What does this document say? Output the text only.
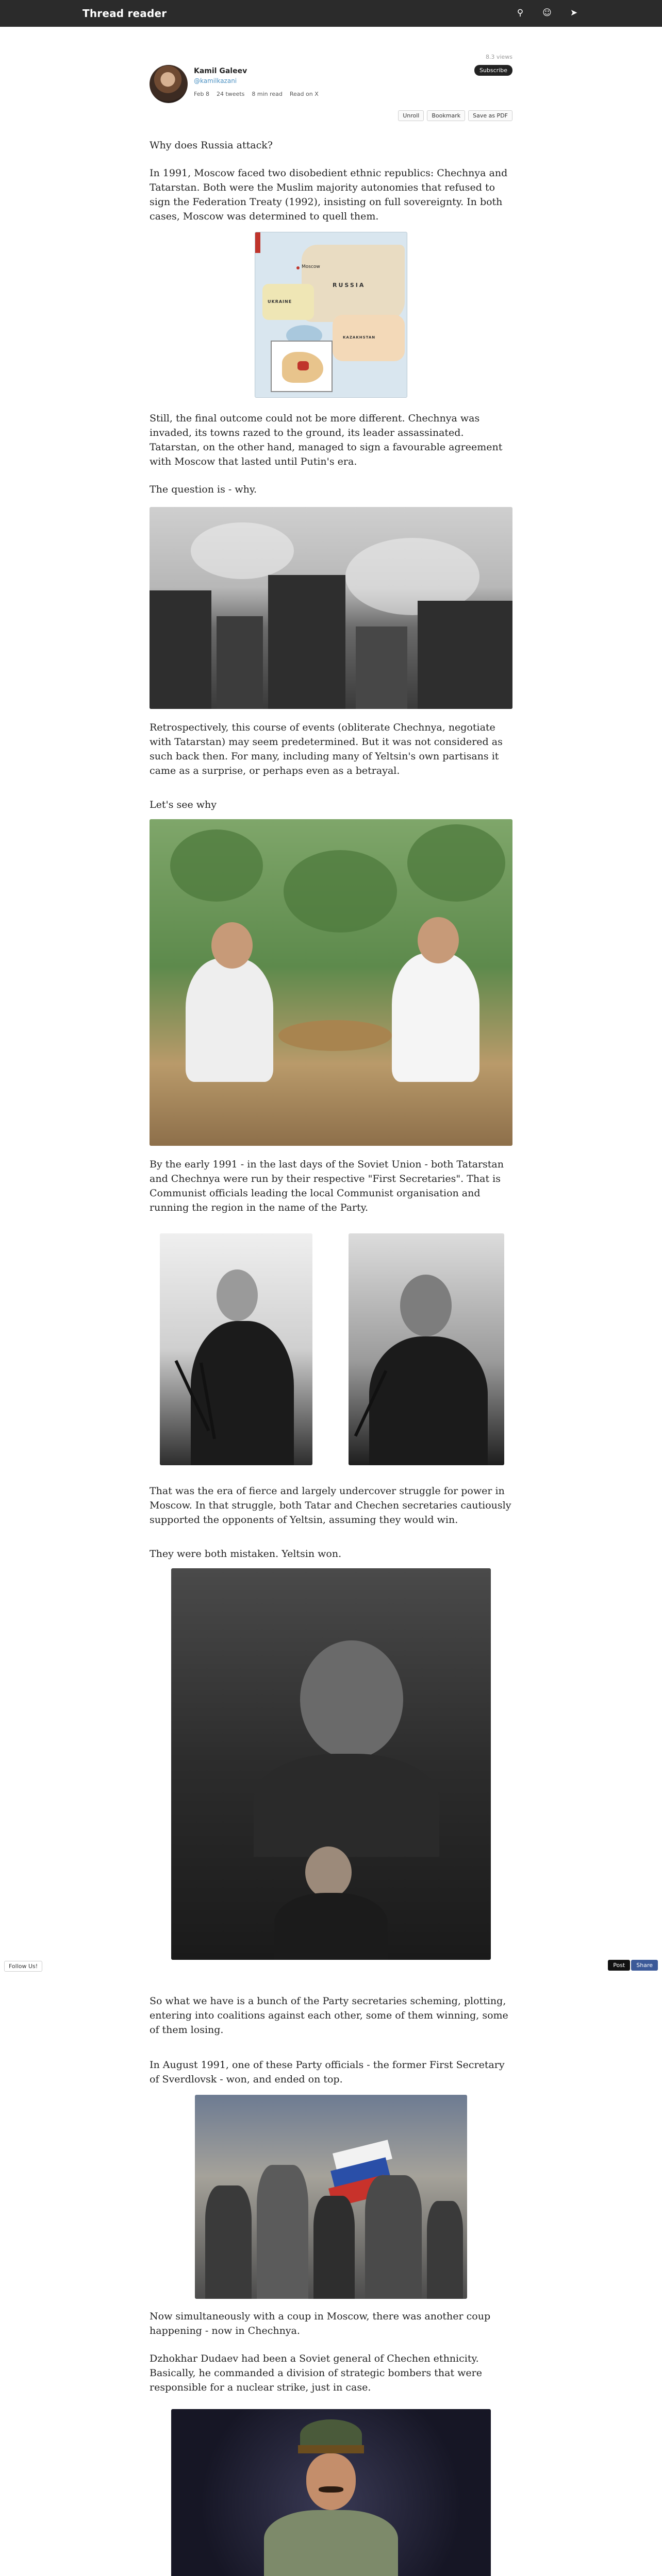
Thread reader	⚲ ☺ ➤
8.3 views
Kamil Galeev
@kamilkazani
Feb 8 24 tweets 8 min read Read on X
Subscribe
Unroll	Bookmark	Save as PDF

Why does Russia attack?

In 1991, Moscow faced two disobedient ethnic republics: Chechnya and Tatarstan. Both were the Muslim majority autonomies that refused to sign the Federation Treaty (1992), insisting on full sovereignty. In both cases, Moscow was determined to quell them.

RUSSIA
UKRAINE
KAZAKHSTAN
Moscow

Still, the final outcome could not be more different. Chechnya was invaded, its towns razed to the ground, its leader assassinated. Tatarstan, on the other hand, managed to sign a favourable agreement with Moscow that lasted until Putin's era.

The question is - why.

Retrospectively, this course of events (obliterate Chechnya, negotiate with Tatarstan) may seem predetermined. But it was not considered as such back then. For many, including many of Yeltsin's own partisans it came as a surprise, or perhaps even as a betrayal.

Let's see why

By the early 1991 - in the last days of the Soviet Union - both Tatarstan and Chechnya were run by their respective "First Secretaries". That is Communist officials leading the local Communist organisation and running the region in the name of the Party.

That was the era of fierce and largely undercover struggle for power in Moscow. In that struggle, both Tatar and Chechen secretaries cautiously supported the opponents of Yeltsin, assuming they would win.

They were both mistaken. Yeltsin won.

So what we have is a bunch of the Party secretaries scheming, plotting, entering into coalitions against each other, some of them winning, some of them losing.

In August 1991, one of these Party officials - the former First Secretary of Sverdlovsk - won, and ended on top.

Now simultaneously with a coup in Moscow, there was another coup happening - now in Chechnya.

Dzhokhar Dudaev had been a Soviet general of Chechen ethnicity. Basically, he commanded a division of strategic bombers that were responsible for a nuclear strike, just in case.

Follow Us!	Post	Share
